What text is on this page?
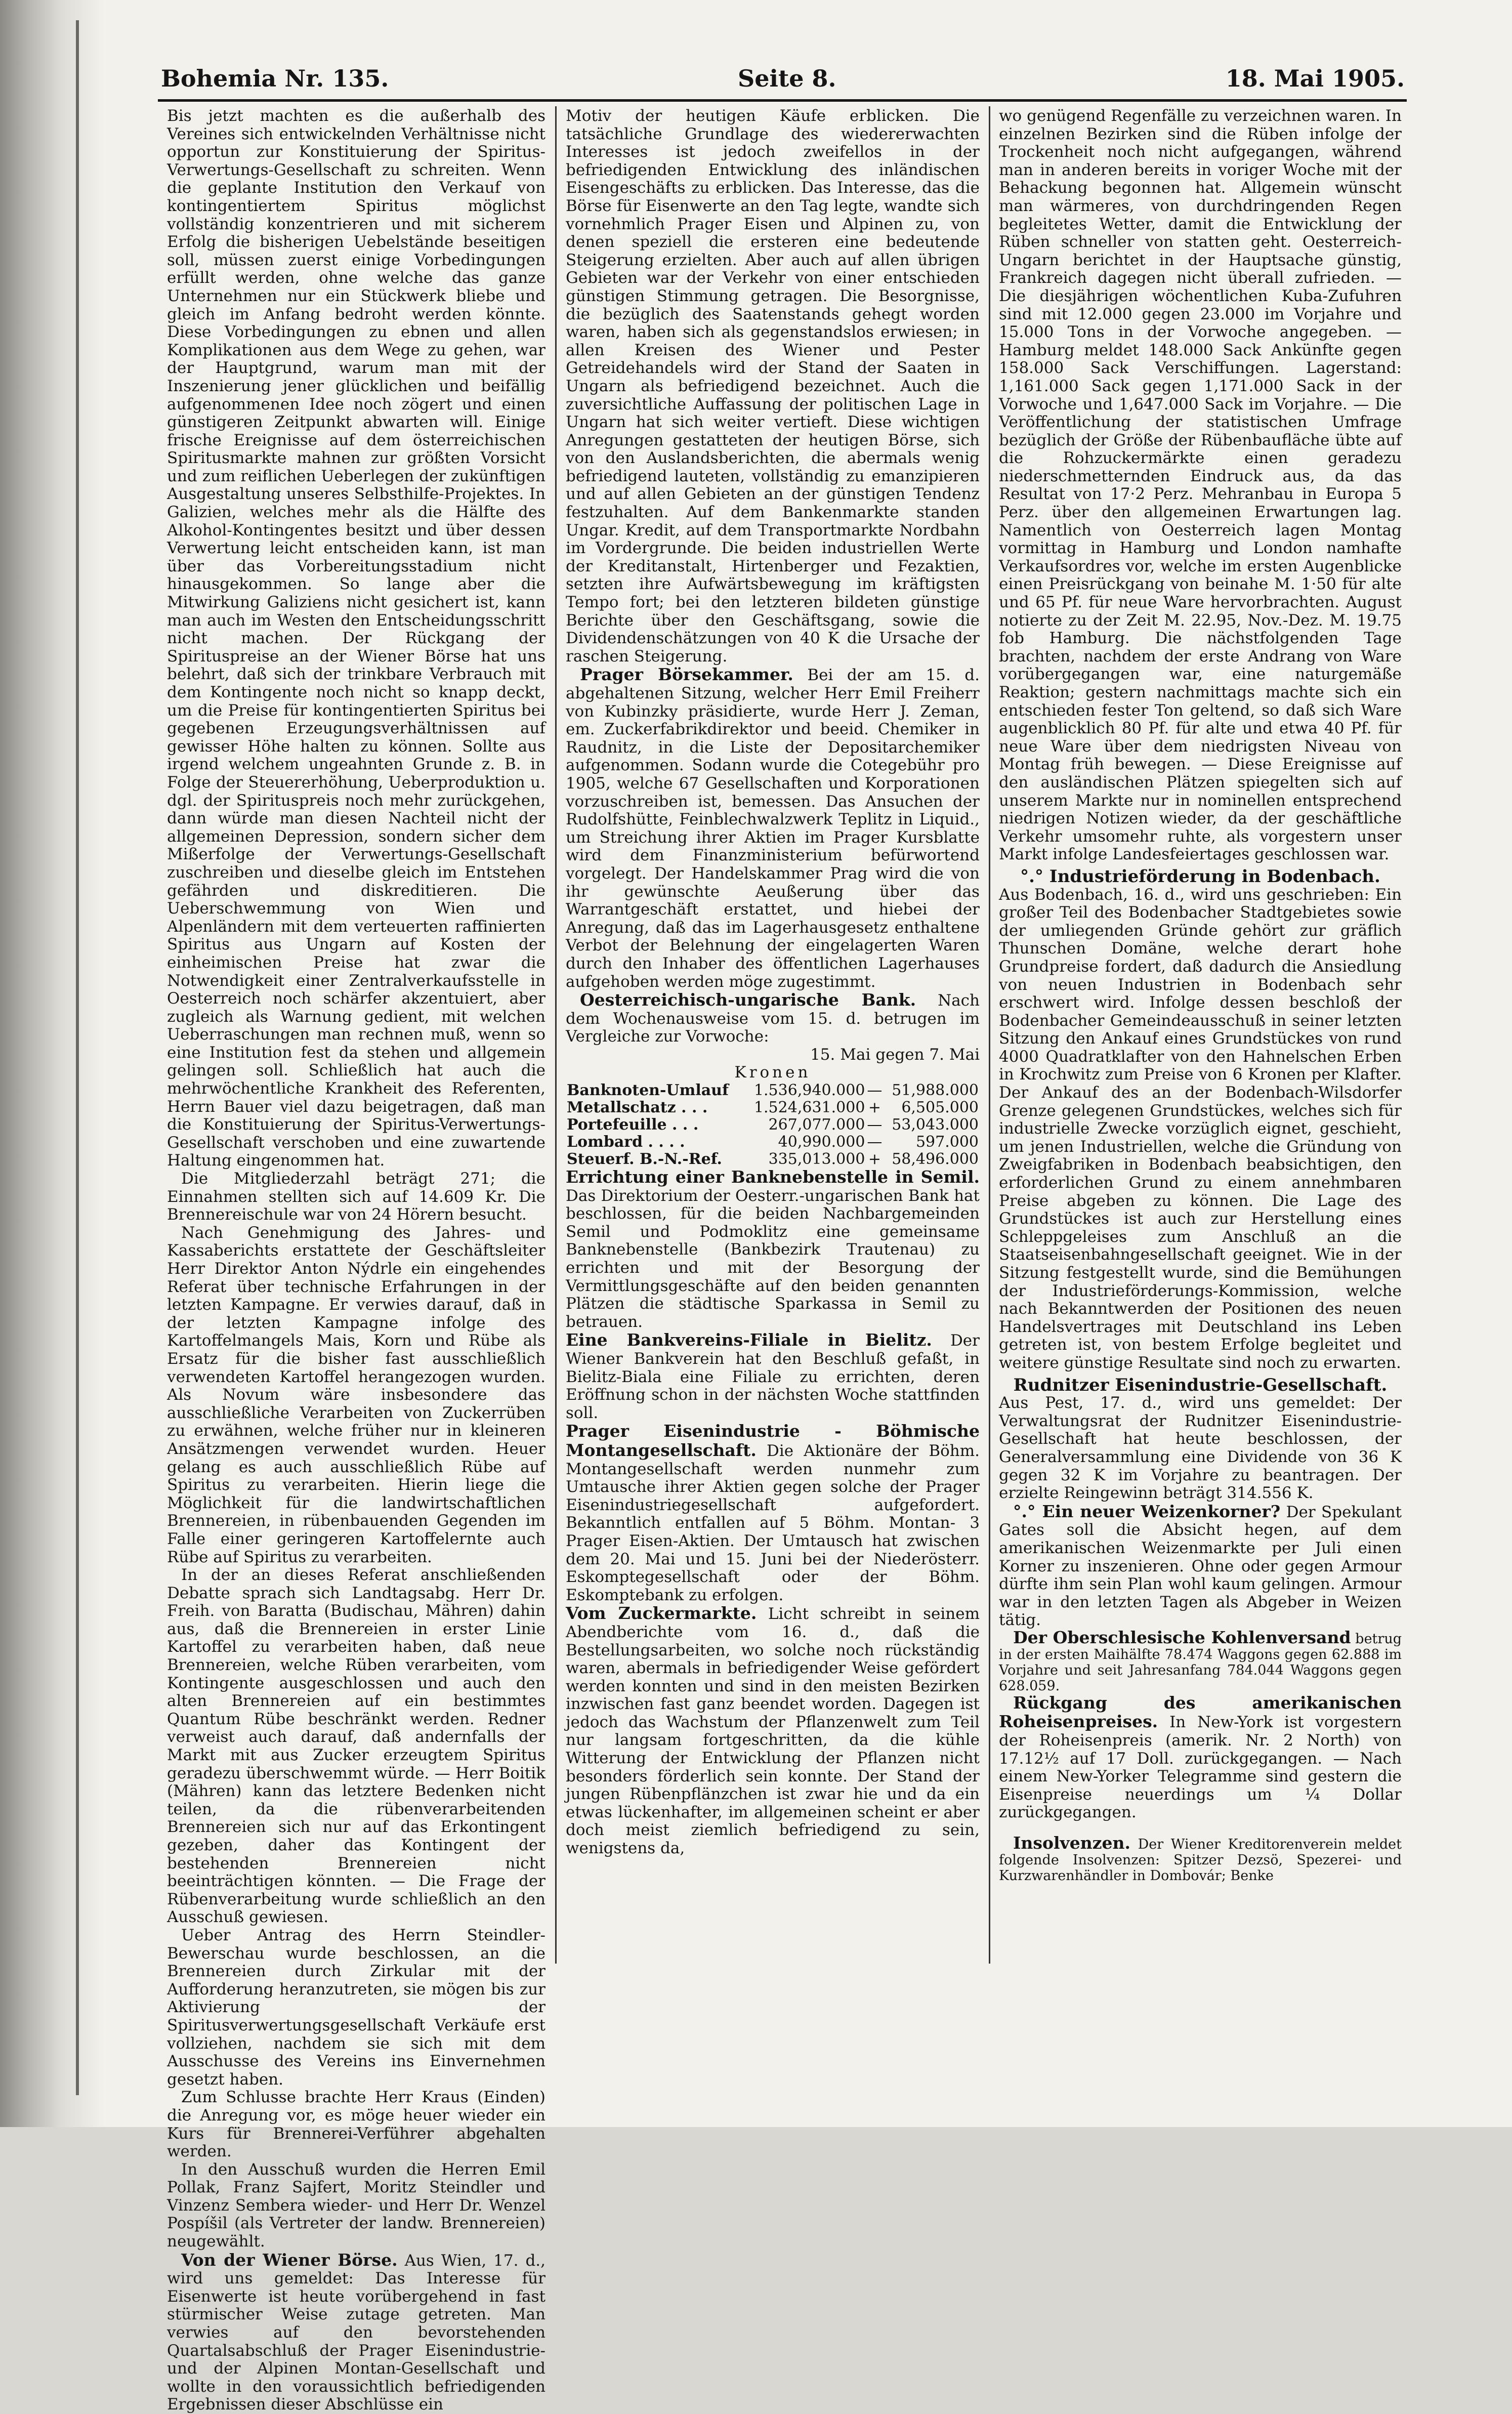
Bohemia Nr. 135.	Seite 8.	18. Mai 1905.

Bis jetzt machten es die außerhalb des Vereines sich entwickelnden Verhältnisse nicht opportun zur Konstituierung der Spiritus-Verwertungs-Gesellschaft zu schreiten. Wenn die geplante Institution den Verkauf von kontingentiertem Spiritus möglichst vollständig konzentrieren und mit sicherem Erfolg die bisherigen Uebelstände beseitigen soll, müssen zuerst einige Vorbedingungen erfüllt werden, ohne welche das ganze Unternehmen nur ein Stückwerk bliebe und gleich im Anfang bedroht werden könnte. Diese Vorbedingungen zu ebnen und allen Komplikationen aus dem Wege zu gehen, war der Hauptgrund, warum man mit der Inszenierung jener glücklichen und beifällig aufgenommenen Idee noch zögert und einen günstigeren Zeitpunkt abwarten will. Einige frische Ereignisse auf dem österreichischen Spiritusmarkte mahnen zur größten Vorsicht und zum reiflichen Ueberlegen der zukünftigen Ausgestaltung unseres Selbsthilfe-Projektes. In Galizien, welches mehr als die Hälfte des Alkohol-Kontingentes besitzt und über dessen Verwertung leicht entscheiden kann, ist man über das Vorbereitungsstadium nicht hinausgekommen. So lange aber die Mitwirkung Galiziens nicht gesichert ist, kann man auch im Westen den Entscheidungsschritt nicht machen. Der Rückgang der Spirituspreise an der Wiener Börse hat uns belehrt, daß sich der trinkbare Verbrauch mit dem Kontingente noch nicht so knapp deckt, um die Preise für kontingentierten Spiritus bei gegebenen Erzeugungsverhältnissen auf gewisser Höhe halten zu können. Sollte aus irgend welchem ungeahnten Grunde z. B. in Folge der Steuererhöhung, Ueberproduktion u. dgl. der Spirituspreis noch mehr zurückgehen, dann würde man diesen Nachteil nicht der allgemeinen Depression, sondern sicher dem Mißerfolge der Verwertungs-Gesellschaft zuschreiben und dieselbe gleich im Entstehen gefährden und diskreditieren. Die Ueberschwemmung von Wien und Alpenländern mit dem verteuerten raffinierten Spiritus aus Ungarn auf Kosten der einheimischen Preise hat zwar die Notwendigkeit einer Zentralverkaufsstelle in Oesterreich noch schärfer akzentuiert, aber zugleich als Warnung gedient, mit welchen Ueberraschungen man rechnen muß, wenn so eine Institution fest da stehen und allgemein gelingen soll. Schließlich hat auch die mehrwöchentliche Krankheit des Referenten, Herrn Bauer viel dazu beigetragen, daß man die Konstituierung der Spiritus-Verwertungs-Gesellschaft verschoben und eine zuwartende Haltung eingenommen hat.

Die Mitgliederzahl beträgt 271; die Einnahmen stellten sich auf 14.609 Kr. Die Brennereischule war von 24 Hörern besucht.

Nach Genehmigung des Jahres- und Kassaberichts erstattete der Geschäftsleiter Herr Direktor Anton Nýdrle ein eingehendes Referat über technische Erfahrungen in der letzten Kampagne. Er verwies darauf, daß in der letzten Kampagne infolge des Kartoffelmangels Mais, Korn und Rübe als Ersatz für die bisher fast ausschließlich verwendeten Kartoffel herangezogen wurden. Als Novum wäre insbesondere das ausschließliche Verarbeiten von Zuckerrüben zu erwähnen, welche früher nur in kleineren Ansätzmengen verwendet wurden. Heuer gelang es auch ausschließlich Rübe auf Spiritus zu verarbeiten. Hierin liege die Möglichkeit für die landwirtschaftlichen Brennereien, in rübenbauenden Gegenden im Falle einer geringeren Kartoffelernte auch Rübe auf Spiritus zu verarbeiten.

In der an dieses Referat anschließenden Debatte sprach sich Landtagsabg. Herr Dr. Freih. von Baratta (Budischau, Mähren) dahin aus, daß die Brennereien in erster Linie Kartoffel zu verarbeiten haben, daß neue Brennereien, welche Rüben verarbeiten, vom Kontingente ausgeschlossen und auch den alten Brennereien auf ein bestimmtes Quantum Rübe beschränkt werden. Redner verweist auch darauf, daß andernfalls der Markt mit aus Zucker erzeugtem Spiritus geradezu überschwemmt würde. — Herr Boitik (Mähren) kann das letztere Bedenken nicht teilen, da die rübenverarbeitenden Brennereien sich nur auf das Erkontingent gezeben, daher das Kontingent der bestehenden Brennereien nicht beeinträchtigen könnten. — Die Frage der Rübenverarbeitung wurde schließlich an den Ausschuß gewiesen.

Ueber Antrag des Herrn Steindler-Bewerschau wurde beschlossen, an die Brennereien durch Zirkular mit der Aufforderung heranzutreten, sie mögen bis zur Aktivierung der Spiritusverwertungsgesellschaft Verkäufe erst vollziehen, nachdem sie sich mit dem Ausschusse des Vereins ins Einvernehmen gesetzt haben.

Zum Schlusse brachte Herr Kraus (Einden) die Anregung vor, es möge heuer wieder ein Kurs für Brennerei-Verführer abgehalten werden.

In den Ausschuß wurden die Herren Emil Pollak, Franz Sajfert, Moritz Steindler und Vinzenz Sembera wieder- und Herr Dr. Wenzel Pospíšil (als Vertreter der landw. Brennereien) neugewählt.

Von der Wiener Börse. Aus Wien, 17. d., wird uns gemeldet: Das Interesse für Eisenwerte ist heute vorübergehend in fast stürmischer Weise zutage getreten. Man verwies auf den bevorstehenden Quartalsabschluß der Prager Eisenindustrie- und der Alpinen Montan-Gesellschaft und wollte in den voraussichtlich befriedigenden Ergebnissen dieser Abschlüsse ein

Motiv der heutigen Käufe erblicken. Die tatsächliche Grundlage des wiedererwachten Interesses ist jedoch zweifellos in der befriedigenden Entwicklung des inländischen Eisengeschäfts zu erblicken. Das Interesse, das die Börse für Eisenwerte an den Tag legte, wandte sich vornehmlich Prager Eisen und Alpinen zu, von denen speziell die ersteren eine bedeutende Steigerung erzielten. Aber auch auf allen übrigen Gebieten war der Verkehr von einer entschieden günstigen Stimmung getragen. Die Besorgnisse, die bezüglich des Saatenstands gehegt worden waren, haben sich als gegenstandslos erwiesen; in allen Kreisen des Wiener und Pester Getreidehandels wird der Stand der Saaten in Ungarn als befriedigend bezeichnet. Auch die zuversichtliche Auffassung der politischen Lage in Ungarn hat sich weiter vertieft. Diese wichtigen Anregungen gestatteten der heutigen Börse, sich von den Auslandsberichten, die abermals wenig befriedigend lauteten, vollständig zu emanzipieren und auf allen Gebieten an der günstigen Tendenz festzuhalten. Auf dem Bankenmarkte standen Ungar. Kredit, auf dem Transportmarkte Nordbahn im Vordergrunde. Die beiden industriellen Werte der Kreditanstalt, Hirtenberger und Fezaktien, setzten ihre Aufwärtsbewegung im kräftigsten Tempo fort; bei den letzteren bildeten günstige Berichte über den Geschäftsgang, sowie die Dividendenschätzungen von 40 K die Ursache der raschen Steigerung.

Prager Börsekammer. Bei der am 15. d. abgehaltenen Sitzung, welcher Herr Emil Freiherr von Kubinzky präsidierte, wurde Herr J. Zeman, em. Zuckerfabrikdirektor und beeid. Chemiker in Raudnitz, in die Liste der Depositarchemiker aufgenommen. Sodann wurde die Cotegebühr pro 1905, welche 67 Gesellschaften und Korporationen vorzuschreiben ist, bemessen. Das Ansuchen der Rudolfshütte, Feinblechwalzwerk Teplitz in Liquid., um Streichung ihrer Aktien im Prager Kursblatte wird dem Finanzministerium befürwortend vorgelegt. Der Handelskammer Prag wird die von ihr gewünschte Aeußerung über das Warrantgeschäft erstattet, und hiebei der Anregung, daß das im Lagerhausgesetz enthaltene Verbot der Belehnung der eingelagerten Waren durch den Inhaber des öffentlichen Lagerhauses aufgehoben werden möge zugestimmt.

Oesterreichisch-ungarische Bank. Nach dem Wochenausweise vom 15. d. betrugen im Vergleiche zur Vorwoche:

15. Mai gegen 7. Mai
Kronen
Banknoten-Umlauf	1.536,940.000	—	51,988.000
Metallschatz . . .	1.524,631.000	+	6,505.000
Portefeuille . . .	267,077.000	—	53,043.000
Lombard . . . .	40,990.000	—	597.000
Steuerf. B.-N.-Ref.	335,013.000	+	58,496.000

Errichtung einer Banknebenstelle in Semil. Das Direktorium der Oesterr.-ungarischen Bank hat beschlossen, für die beiden Nachbargemeinden Semil und Podmoklitz eine gemeinsame Banknebenstelle (Bankbezirk Trautenau) zu errichten und mit der Besorgung der Vermittlungsgeschäfte auf den beiden genannten Plätzen die städtische Sparkassa in Semil zu betrauen.

Eine Bankvereins-Filiale in Bielitz. Der Wiener Bankverein hat den Beschluß gefaßt, in Bielitz-Biala eine Filiale zu errichten, deren Eröffnung schon in der nächsten Woche stattfinden soll.

Prager Eisenindustrie - Böhmische Montangesellschaft. Die Aktionäre der Böhm. Montangesellschaft werden nunmehr zum Umtausche ihrer Aktien gegen solche der Prager Eisenindustriegesellschaft aufgefordert. Bekanntlich entfallen auf 5 Böhm. Montan- 3 Prager Eisen-Aktien. Der Umtausch hat zwischen dem 20. Mai und 15. Juni bei der Niederösterr. Eskomptegesellschaft oder der Böhm. Eskomptebank zu erfolgen.

Vom Zuckermarkte. Licht schreibt in seinem Abendberichte vom 16. d., daß die Bestellungsarbeiten, wo solche noch rückständig waren, abermals in befriedigender Weise gefördert werden konnten und sind in den meisten Bezirken inzwischen fast ganz beendet worden. Dagegen ist jedoch das Wachstum der Pflanzenwelt zum Teil nur langsam fortgeschritten, da die kühle Witterung der Entwicklung der Pflanzen nicht besonders förderlich sein konnte. Der Stand der jungen Rübenpflänzchen ist zwar hie und da ein etwas lückenhafter, im allgemeinen scheint er aber doch meist ziemlich befriedigend zu sein, wenigstens da,

wo genügend Regenfälle zu verzeichnen waren. In einzelnen Bezirken sind die Rüben infolge der Trockenheit noch nicht aufgegangen, während man in anderen bereits in voriger Woche mit der Behackung begonnen hat. Allgemein wünscht man wärmeres, von durchdringenden Regen begleitetes Wetter, damit die Entwicklung der Rüben schneller von statten geht. Oesterreich-Ungarn berichtet in der Hauptsache günstig, Frankreich dagegen nicht überall zufrieden. — Die diesjährigen wöchentlichen Kuba-Zufuhren sind mit 12.000 gegen 23.000 im Vorjahre und 15.000 Tons in der Vorwoche angegeben. — Hamburg meldet 148.000 Sack Ankünfte gegen 158.000 Sack Verschiffungen. Lagerstand: 1,161.000 Sack gegen 1,171.000 Sack in der Vorwoche und 1,647.000 Sack im Vorjahre. — Die Veröffentlichung der statistischen Umfrage bezüglich der Größe der Rübenbaufläche übte auf die Rohzuckermärkte einen geradezu niederschmetternden Eindruck aus, da das Resultat von 17·2 Perz. Mehranbau in Europa 5 Perz. über den allgemeinen Erwartungen lag. Namentlich von Oesterreich lagen Montag vormittag in Hamburg und London namhafte Verkaufsordres vor, welche im ersten Augenblicke einen Preisrückgang von beinahe M. 1·50 für alte und 65 Pf. für neue Ware hervorbrachten. August notierte zu der Zeit M. 22.95, Nov.-Dez. M. 19.75 fob Hamburg. Die nächstfolgenden Tage brachten, nachdem der erste Andrang von Ware vorübergegangen war, eine naturgemäße Reaktion; gestern nachmittags machte sich ein entschieden fester Ton geltend, so daß sich Ware augenblicklich 80 Pf. für alte und etwa 40 Pf. für neue Ware über dem niedrigsten Niveau von Montag früh bewegen. — Diese Ereignisse auf den ausländischen Plätzen spiegelten sich auf unserem Markte nur in nominellen entsprechend niedrigen Notizen wieder, da der geschäftliche Verkehr umsomehr ruhte, als vorgestern unser Markt infolge Landesfeiertages geschlossen war.

°.° Industrieförderung in Bodenbach.

Aus Bodenbach, 16. d., wird uns geschrieben: Ein großer Teil des Bodenbacher Stadtgebietes sowie der umliegenden Gründe gehört zur gräflich Thunschen Domäne, welche derart hohe Grundpreise fordert, daß dadurch die Ansiedlung von neuen Industrien in Bodenbach sehr erschwert wird. Infolge dessen beschloß der Bodenbacher Gemeindeausschuß in seiner letzten Sitzung den Ankauf eines Grundstückes von rund 4000 Quadratklafter von den Hahnelschen Erben in Krochwitz zum Preise von 6 Kronen per Klafter. Der Ankauf des an der Bodenbach-Wilsdorfer Grenze gelegenen Grundstückes, welches sich für industrielle Zwecke vorzüglich eignet, geschieht, um jenen Industriellen, welche die Gründung von Zweigfabriken in Bodenbach beabsichtigen, den erforderlichen Grund zu einem annehmbaren Preise abgeben zu können. Die Lage des Grundstückes ist auch zur Herstellung eines Schleppgeleises zum Anschluß an die Staatseisenbahngesellschaft geeignet. Wie in der Sitzung festgestellt wurde, sind die Bemühungen der Industrieförderungs-Kommission, welche nach Bekanntwerden der Positionen des neuen Handelsvertrages mit Deutschland ins Leben getreten ist, von bestem Erfolge begleitet und weitere günstige Resultate sind noch zu erwarten.

Rudnitzer Eisenindustrie-Gesellschaft.

Aus Pest, 17. d., wird uns gemeldet: Der Verwaltungsrat der Rudnitzer Eisenindustrie-Gesellschaft hat heute beschlossen, der Generalversammlung eine Dividende von 36 K gegen 32 K im Vorjahre zu beantragen. Der erzielte Reingewinn beträgt 314.556 K.

°.° Ein neuer Weizenkorner? Der Spekulant Gates soll die Absicht hegen, auf dem amerikanischen Weizenmarkte per Juli einen Korner zu inszenieren. Ohne oder gegen Armour dürfte ihm sein Plan wohl kaum gelingen. Armour war in den letzten Tagen als Abgeber in Weizen tätig.

Der Oberschlesische Kohlenversand betrug in der ersten Maihälfte 78.474 Waggons gegen 62.888 im Vorjahre und seit Jahresanfang 784.044 Waggons gegen 628.059.

Rückgang des amerikanischen Roheisenpreises. In New-York ist vorgestern der Roheisenpreis (amerik. Nr. 2 North) von 17.12½ auf 17 Doll. zurückgegangen. — Nach einem New-Yorker Telegramme sind gestern die Eisenpreise neuerdings um ¼ Dollar zurückgegangen.

Insolvenzen. Der Wiener Kreditorenverein meldet folgende Insolvenzen: Spitzer Dezsö, Spezerei- und Kurzwarenhändler in Dombovár; Benke
